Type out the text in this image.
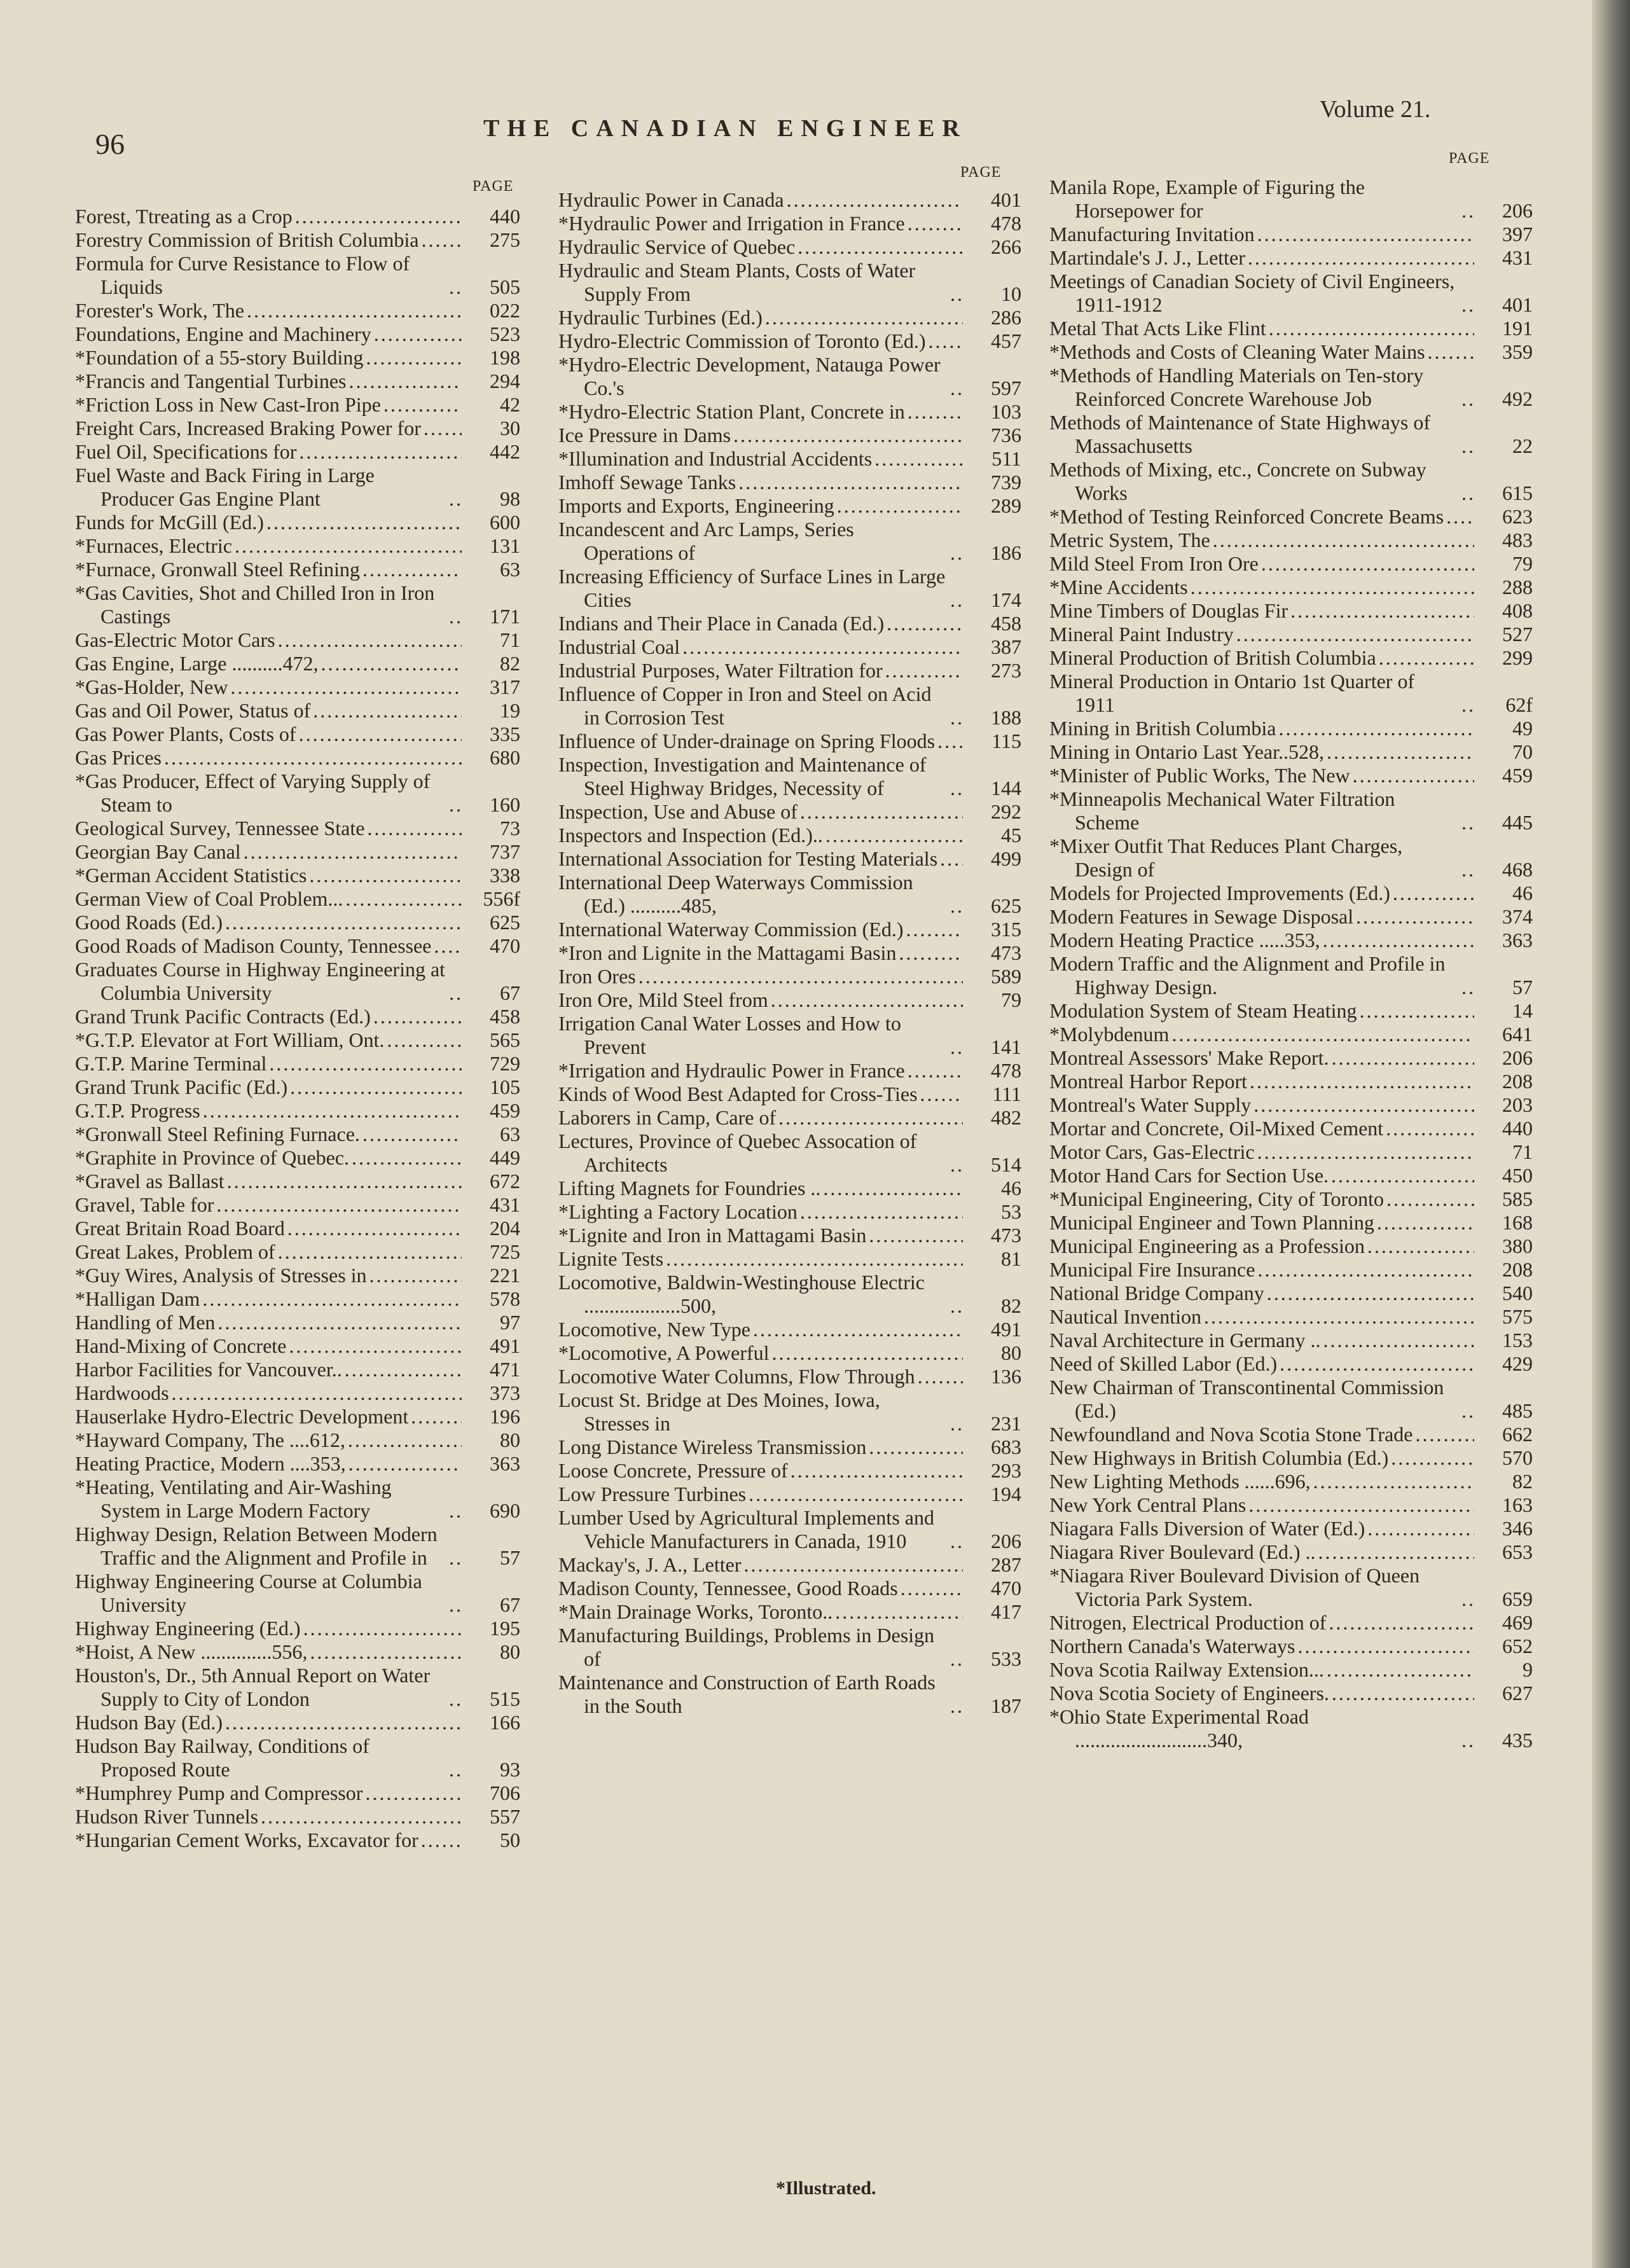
96	THE CANADIAN ENGINEER
Volume 21.
PAGE
Forest, Ttreating as a Crop .....	440
Forestry Commission of British Columbia .....	275
Formula for Curve Resistance to Flow of Liquids .....	505
Forester's Work, The .....	022
Foundations, Engine and Machinery .....	523
*Foundation of a 55-story Building .....	198
*Francis and Tangential Turbines .....	294
*Friction Loss in New Cast-Iron Pipe .....	42
Freight Cars, Increased Braking Power for .....	30
Fuel Oil, Specifications for .....	442
Fuel Waste and Back Firing in Large Producer Gas Engine Plant .....	98
Funds for McGill (Ed.) .....	600
*Furnaces, Electric .....	131
*Furnace, Gronwall Steel Refining .....	63
*Gas Cavities, Shot and Chilled Iron in Iron Castings .....	171
Gas-Electric Motor Cars .....	71
Gas Engine, Large ..........472, .....	82
*Gas-Holder, New .....	317
Gas and Oil Power, Status of .....	19
Gas Power Plants, Costs of .....	335
Gas Prices .....	680
*Gas Producer, Effect of Varying Supply of Steam to .....	160
Geological Survey, Tennessee State .....	73
Georgian Bay Canal .....	737
*German Accident Statistics .....	338
German View of Coal Problem... .....	556f
Good Roads (Ed.) .....	625
Good Roads of Madison County, Tennessee .....	470
Graduates Course in Highway Engineering at Columbia University .....	67
Grand Trunk Pacific Contracts (Ed.) .....	458
*G.T.P. Elevator at Fort William, Ont. .....	565
G.T.P. Marine Terminal .....	729
Grand Trunk Pacific (Ed.) .....	105
G.T.P. Progress .....	459
*Gronwall Steel Refining Furnace. .....	63
*Graphite in Province of Quebec. .....	449
*Gravel as Ballast .....	672
Gravel, Table for .....	431
Great Britain Road Board .....	204
Great Lakes, Problem of .....	725
*Guy Wires, Analysis of Stresses in .....	221
*Halligan Dam .....	578
Handling of Men .....	97
Hand-Mixing of Concrete .....	491
Harbor Facilities for Vancouver.. .....	471
Hardwoods .....	373
Hauserlake Hydro-Electric Development .....	196
*Hayward Company, The ....612, .....	80
Heating Practice, Modern ....353, .....	363
*Heating, Ventilating and Air-Washing System in Large Modern Factory .....	690
Highway Design, Relation Between Modern Traffic and the Alignment and Profile in .....	57
Highway Engineering Course at Columbia University .....	67
Highway Engineering (Ed.) .....	195
*Hoist, A New ..............556, .....	80
Houston's, Dr., 5th Annual Report on Water Supply to City of London .....	515
Hudson Bay (Ed.) .....	166
Hudson Bay Railway, Conditions of Proposed Route .....	93
*Humphrey Pump and Compressor .....	706
Hudson River Tunnels .....	557
*Hungarian Cement Works, Excavator for .....	50
PAGE
Hydraulic Power in Canada .....	401
*Hydraulic Power and Irrigation in France .....	478
Hydraulic Service of Quebec .....	266
Hydraulic and Steam Plants, Costs of Water Supply From .....	10
Hydraulic Turbines (Ed.) .....	286
Hydro-Electric Commission of Toronto (Ed.) .....	457
*Hydro-Electric Development, Natauga Power Co.'s .....	597
*Hydro-Electric Station Plant, Concrete in .....	103
Ice Pressure in Dams .....	736
*Illumination and Industrial Accidents .....	511
Imhoff Sewage Tanks .....	739
Imports and Exports, Engineering .....	289
Incandescent and Arc Lamps, Series Operations of .....	186
Increasing Efficiency of Surface Lines in Large Cities .....	174
Indians and Their Place in Canada (Ed.) .....	458
Industrial Coal .....	387
Industrial Purposes, Water Filtration for .....	273
Influence of Copper in Iron and Steel on Acid in Corrosion Test .....	188
Influence of Under-drainage on Spring Floods .....	115
Inspection, Investigation and Maintenance of Steel Highway Bridges, Necessity of .....	144
Inspection, Use and Abuse of .....	292
Inspectors and Inspection (Ed.).. .....	45
International Association for Testing Materials .....	499
International Deep Waterways Commission (Ed.) ..........485, .....	625
International Waterway Commission (Ed.) .....	315
*Iron and Lignite in the Mattagami Basin .....	473
Iron Ores .....	589
Iron Ore, Mild Steel from .....	79
Irrigation Canal Water Losses and How to Prevent .....	141
*Irrigation and Hydraulic Power in France .....	478
Kinds of Wood Best Adapted for Cross-Ties .....	111
Laborers in Camp, Care of .....	482
Lectures, Province of Quebec Assocation of Architects .....	514
Lifting Magnets for Foundries .. .....	46
*Lighting a Factory Location .....	53
*Lignite and Iron in Mattagami Basin .....	473
Lignite Tests .....	81
Locomotive, Baldwin-Westinghouse Electric ...................500, .....	82
Locomotive, New Type .....	491
*Locomotive, A Powerful .....	80
Locomotive Water Columns, Flow Through .....	136
Locust St. Bridge at Des Moines, Iowa, Stresses in .....	231
Long Distance Wireless Transmission .....	683
Loose Concrete, Pressure of .....	293
Low Pressure Turbines .....	194
Lumber Used by Agricultural Implements and Vehicle Manufacturers in Canada, 1910 .....	206
Mackay's, J. A., Letter .....	287
Madison County, Tennessee, Good Roads .....	470
*Main Drainage Works, Toronto.. .....	417
Manufacturing Buildings, Problems in Design of .....	533
Maintenance and Construction of Earth Roads in the South .....	187
PAGE
Manila Rope, Example of Figuring the Horsepower for .....	206
Manufacturing Invitation .....	397
Martindale's J. J., Letter .....	431
Meetings of Canadian Society of Civil Engineers, 1911-1912 .....	401
Metal That Acts Like Flint .....	191
*Methods and Costs of Cleaning Water Mains .....	359
*Methods of Handling Materials on Ten-story Reinforced Concrete Warehouse Job .....	492
Methods of Maintenance of State Highways of Massachusetts .....	22
Methods of Mixing, etc., Concrete on Subway Works .....	615
*Method of Testing Reinforced Concrete Beams .....	623
Metric System, The .....	483
Mild Steel From Iron Ore .....	79
*Mine Accidents .....	288
Mine Timbers of Douglas Fir .....	408
Mineral Paint Industry .....	527
Mineral Production of British Columbia .....	299
Mineral Production in Ontario 1st Quarter of 1911 .....	62f
Mining in British Columbia .....	49
Mining in Ontario Last Year..528, .....	70
*Minister of Public Works, The New .....	459
*Minneapolis Mechanical Water Filtration Scheme .....	445
*Mixer Outfit That Reduces Plant Charges, Design of .....	468
Models for Projected Improvements (Ed.) .....	46
Modern Features in Sewage Disposal .....	374
Modern Heating Practice .....353, .....	363
Modern Traffic and the Alignment and Profile in Highway Design. .....	57
Modulation System of Steam Heating .....	14
*Molybdenum .....	641
Montreal Assessors' Make Report. .....	206
Montreal Harbor Report .....	208
Montreal's Water Supply .....	203
Mortar and Concrete, Oil-Mixed Cement .....	440
Motor Cars, Gas-Electric .....	71
Motor Hand Cars for Section Use. .....	450
*Municipal Engineering, City of Toronto .....	585
Municipal Engineer and Town Planning .....	168
Municipal Engineering as a Profession .....	380
Municipal Fire Insurance .....	208
National Bridge Company .....	540
Nautical Invention .....	575
Naval Architecture in Germany .. .....	153
Need of Skilled Labor (Ed.) .....	429
New Chairman of Transcontinental Commission (Ed.) .....	485
Newfoundland and Nova Scotia Stone Trade .....	662
New Highways in British Columbia (Ed.) .....	570
New Lighting Methods ......696, .....	82
New York Central Plans .....	163
Niagara Falls Diversion of Water (Ed.) .....	346
Niagara River Boulevard (Ed.) .. .....	653
*Niagara River Boulevard Division of Queen Victoria Park System. .....	659
Nitrogen, Electrical Production of .....	469
Northern Canada's Waterways .....	652
Nova Scotia Railway Extension... .....	9
Nova Scotia Society of Engineers. .....	627
*Ohio State Experimental Road ..........................340, .....	435
*Illustrated.
